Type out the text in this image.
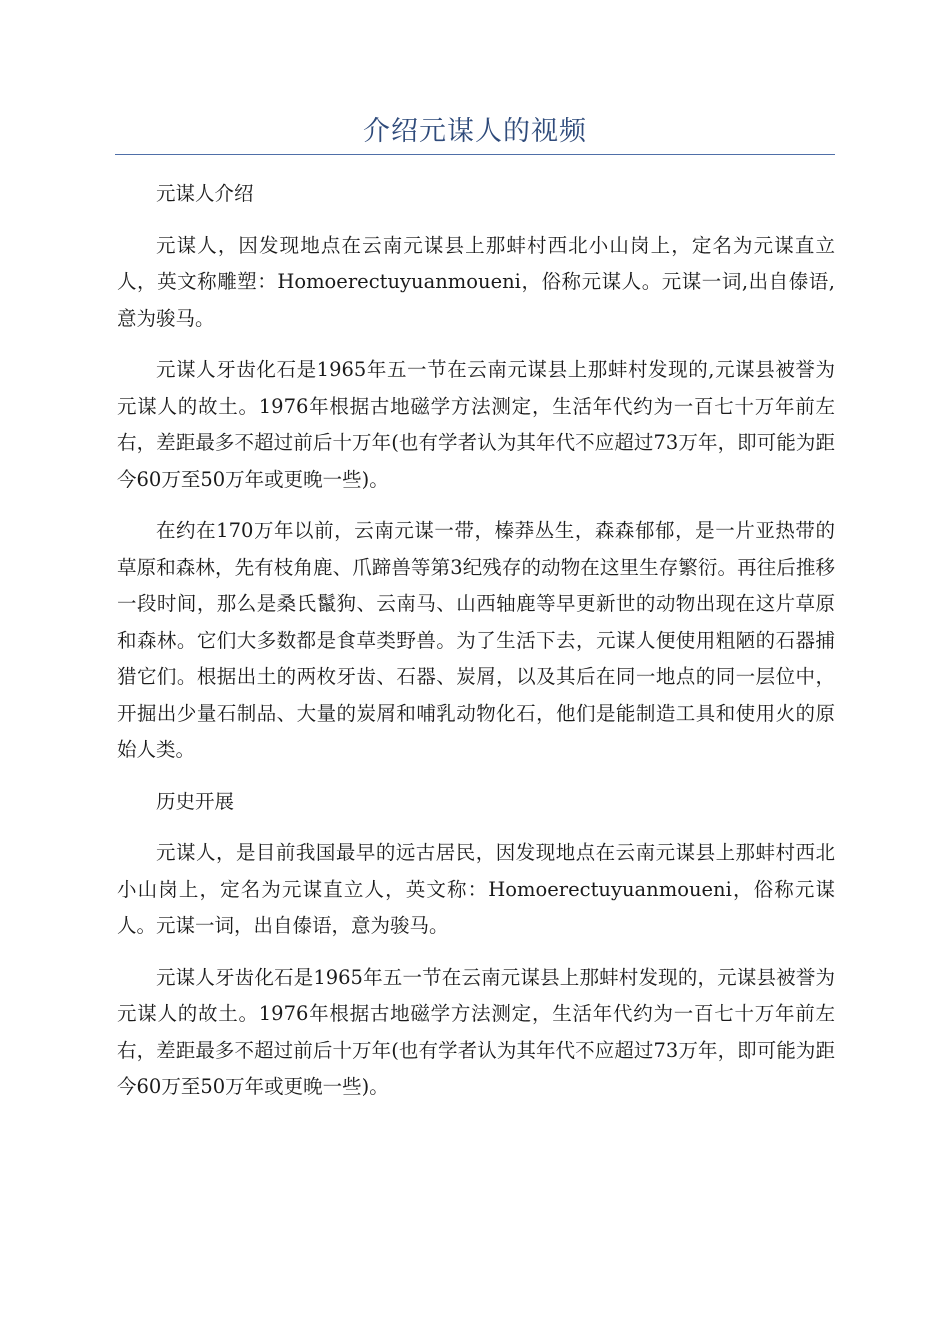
介绍元谋人的视频

元谋人介绍

元谋人，因发现地点在云南元谋县上那蚌村西北小山岗上，定名为元谋直立人，英文称雕塑：Homoerectuyuanmoueni，俗称元谋人。元谋一词,出自傣语,意为骏马。

元谋人牙齿化石是1965年五一节在云南元谋县上那蚌村发现的,元谋县被誉为元谋人的故土。1976年根据古地磁学方法测定，生活年代约为一百七十万年前左右，差距最多不超过前后十万年(也有学者认为其年代不应超过73万年，即可能为距今60万至50万年或更晚一些)。

在约在170万年以前，云南元谋一带，榛莽丛生，森森郁郁，是一片亚热带的草原和森林，先有枝角鹿、爪蹄兽等第3纪残存的动物在这里生存繁衍。再往后推移一段时间，那么是桑氏鬣狗、云南马、山西轴鹿等早更新世的动物出现在这片草原和森林。它们大多数都是食草类野兽。为了生活下去，元谋人便使用粗陋的石器捕猎它们。根据出土的两枚牙齿、石器、炭屑，以及其后在同一地点的同一层位中，开掘出少量石制品、大量的炭屑和哺乳动物化石，他们是能制造工具和使用火的原始人类。

历史开展

元谋人，是目前我国最早的远古居民，因发现地点在云南元谋县上那蚌村西北小山岗上，定名为元谋直立人，英文称：Homoerectuyuanmoueni，俗称元谋人。元谋一词，出自傣语，意为骏马。

元谋人牙齿化石是1965年五一节在云南元谋县上那蚌村发现的，元谋县被誉为元谋人的故土。1976年根据古地磁学方法测定，生活年代约为一百七十万年前左右，差距最多不超过前后十万年(也有学者认为其年代不应超过73万年，即可能为距今60万至50万年或更晚一些)。
